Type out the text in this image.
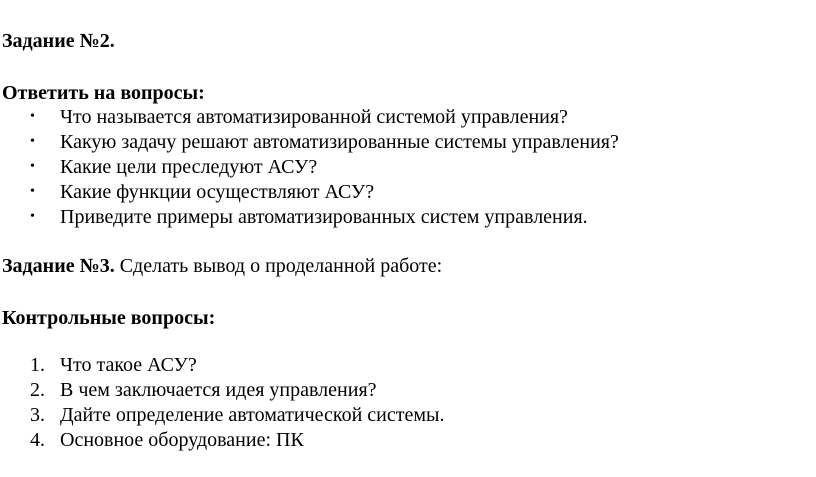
Задание №2.
Ответить на вопросы:
• Что называется автоматизированной системой управления?
• Какую задачу решают автоматизированные системы управления?
• Какие цели преследуют АСУ?
• Какие функции осуществляют АСУ?
• Приведите примеры автоматизированных систем управления.
Задание №3. Сделать вывод о проделанной работе:
Контрольные вопросы:
1. Что такое АСУ?
2. В чем заключается идея управления?
3. Дайте определение автоматической системы.
4. Основное оборудование: ПК
